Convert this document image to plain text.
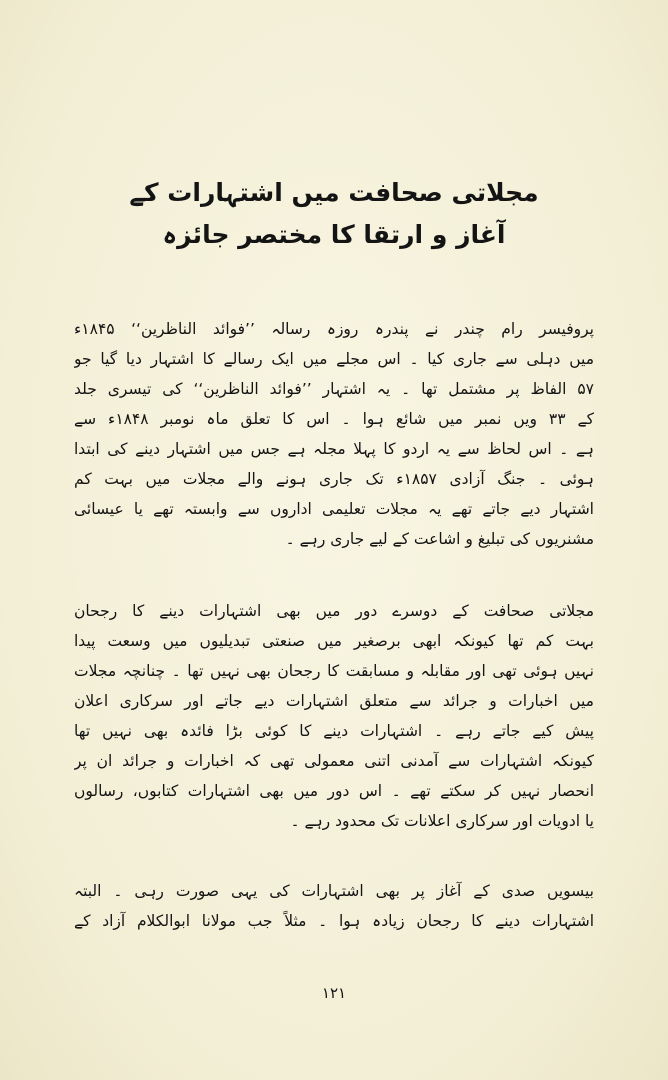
مجلاتی صحافت میں اشتہارات کے
آغاز و ارتقا کا مختصر جائزہ
پروفیسر رام چندر نے پندرہ روزہ رسالہ ’’فوائد الناظرین‘‘ ۱۸۴۵ء
میں دہلی سے جاری کیا ۔ اس مجلے میں ایک رسالے کا اشتہار دیا گیا جو
۵۷ الفاظ پر مشتمل تھا ۔ یہ اشتہار ’’فوائد الناظرین‘‘ کی تیسری جلد
کے ۳۳ ویں نمبر میں شائع ہوا ۔ اس کا تعلق ماہ نومبر ۱۸۴۸ء سے
ہے ۔ اس لحاظ سے یہ اردو کا پہلا مجلہ ہے جس میں اشتہار دینے کی ابتدا
ہوئی ۔ جنگ آزادی ۱۸۵۷ء تک جاری ہونے والے مجلات میں بہت کم
اشتہار دیے جاتے تھے یہ مجلات تعلیمی اداروں سے وابستہ تھے یا عیسائی
مشنریوں کی تبلیغ و اشاعت کے لیے جاری رہے ۔
مجلاتی صحافت کے دوسرے دور میں بھی اشتہارات دینے کا رجحان
بہت کم تھا کیونکہ ابھی برصغیر میں صنعتی تبدیلیوں میں وسعت پیدا
نہیں ہوئی تھی اور مقابلہ و مسابقت کا رجحان بھی نہیں تھا ۔ چنانچہ مجلات
میں اخبارات و جرائد سے متعلق اشتہارات دیے جاتے اور سرکاری اعلان
پیش کیے جاتے رہے ۔ اشتہارات دینے کا کوئی بڑا فائدہ بھی نہیں تھا
کیونکہ اشتہارات سے آمدنی اتنی معمولی تھی کہ اخبارات و جرائد ان پر
انحصار نہیں کر سکتے تھے ۔ اس دور میں بھی اشتہارات کتابوں، رسالوں
یا ادویات اور سرکاری اعلانات تک محدود رہے ۔
بیسویں صدی کے آغاز پر بھی اشتہارات کی یہی صورت رہی ۔ البتہ
اشتہارات دینے کا رجحان زیادہ ہوا ۔ مثلاً جب مولانا ابوالکلام آزاد کے
۱۲۱
